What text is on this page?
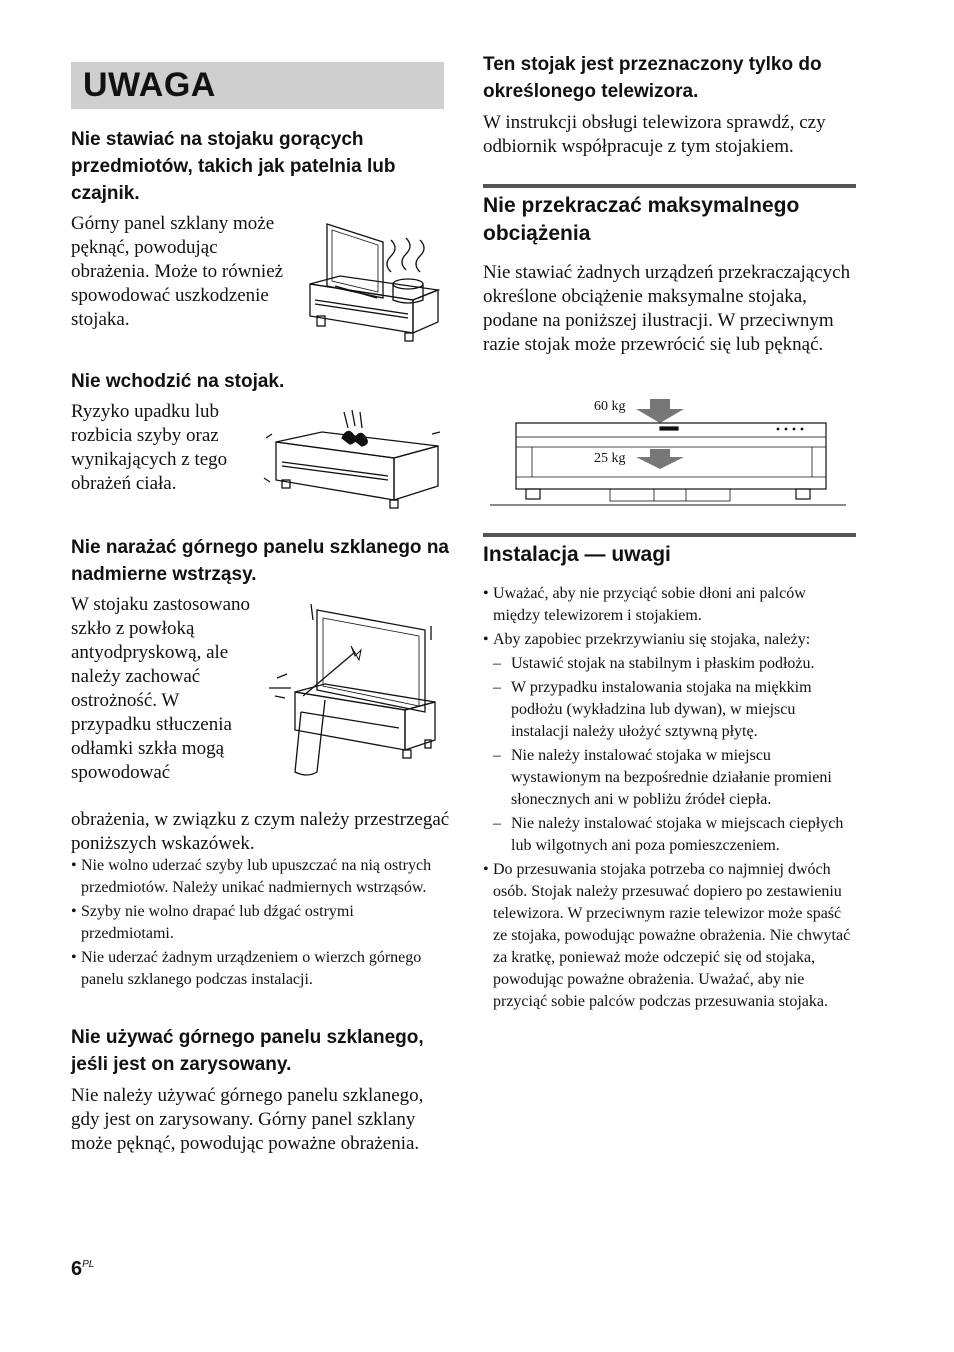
UWAGA
Nie stawiać na stojaku gorących przedmiotów, takich jak patelnia lub czajnik.
Górny panel szklany może pęknąć, powodując obrażenia. Może to również spowodować uszkodzenie stojaka.
Nie wchodzić na stojak.
Ryzyko upadku lub rozbicia szyby oraz wynikających z tego obrażeń ciała.
Nie narażać górnego panelu szklanego na nadmierne wstrząsy.
W stojaku zastosowano szkło z powłoką antyodpryskową, ale należy zachować ostrożność. W przypadku stłuczenia odłamki szkła mogą spowodować
obrażenia, w związku z czym należy przestrzegać poniższych wskazówek.
• Nie wolno uderzać szyby lub upuszczać na nią ostrych przedmiotów. Należy unikać nadmiernych wstrząsów.
• Szyby nie wolno drapać lub dźgać ostrymi przedmiotami.
• Nie uderzać żadnym urządzeniem o wierzch górnego panelu szklanego podczas instalacji.
Nie używać górnego panelu szklanego, jeśli jest on zarysowany.
Nie należy używać górnego panelu szklanego, gdy jest on zarysowany. Górny panel szklany może pęknąć, powodując poważne obrażenia.
Ten stojak jest przeznaczony tylko do określonego telewizora.
W instrukcji obsługi telewizora sprawdź, czy odbiornik współpracuje z tym stojakiem.
Nie przekraczać maksymalnego obciążenia
Nie stawiać żadnych urządzeń przekraczających określone obciążenie maksymalne stojaka, podane na poniższej ilustracji. W przeciwnym razie stojak może przewrócić się lub pęknąć.
60 kg
25 kg
Instalacja — uwagi
• Uważać, aby nie przyciąć sobie dłoni ani palców między telewizorem i stojakiem.
• Aby zapobiec przekrzywianiu się stojaka, należy:
– Ustawić stojak na stabilnym i płaskim podłożu.
– W przypadku instalowania stojaka na miękkim podłożu (wykładzina lub dywan), w miejscu instalacji należy ułożyć sztywną płytę.
– Nie należy instalować stojaka w miejscu wystawionym na bezpośrednie działanie promieni słonecznych ani w pobliżu źródeł ciepła.
– Nie należy instalować stojaka w miejscach ciepłych lub wilgotnych ani poza pomieszczeniem.
• Do przesuwania stojaka potrzeba co najmniej dwóch osób. Stojak należy przesuwać dopiero po zestawieniu telewizora. W przeciwnym razie telewizor może spaść ze stojaka, powodując poważne obrażenia. Nie chwytać za kratkę, ponieważ może odczepić się od stojaka, powodując poważne obrażenia. Uważać, aby nie przyciąć sobie palców podczas przesuwania stojaka.
$6^{PL}$
